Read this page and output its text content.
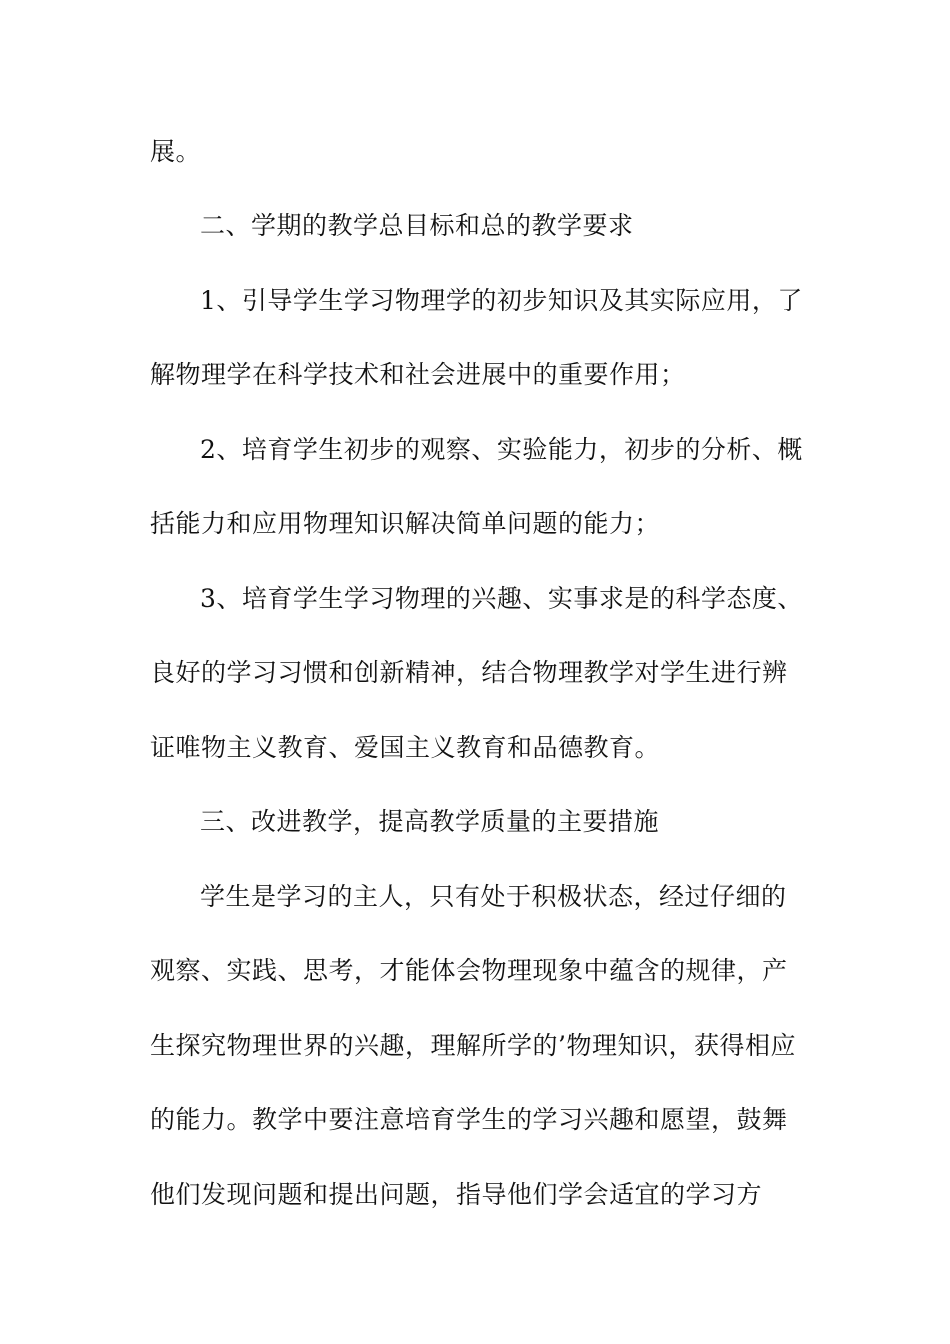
展。
二、学期的教学总目标和总的教学要求
1、引导学生学习物理学的初步知识及其实际应用，了
解物理学在科学技术和社会进展中的重要作用；
2、培育学生初步的观察、实验能力，初步的分析、概
括能力和应用物理知识解决简单问题的能力；
3、培育学生学习物理的兴趣、实事求是的科学态度、
良好的学习习惯和创新精神，结合物理教学对学生进行辨
证唯物主义教育、爱国主义教育和品德教育。
三、改进教学，提高教学质量的主要措施
学生是学习的主人，只有处于积极状态，经过仔细的
观察、实践、思考，才能体会物理现象中蕴含的规律，产
生探究物理世界的兴趣，理解所学的’物理知识，获得相应
的能力。教学中要注意培育学生的学习兴趣和愿望，鼓舞
他们发现问题和提出问题，指导他们学会适宜的学习方
